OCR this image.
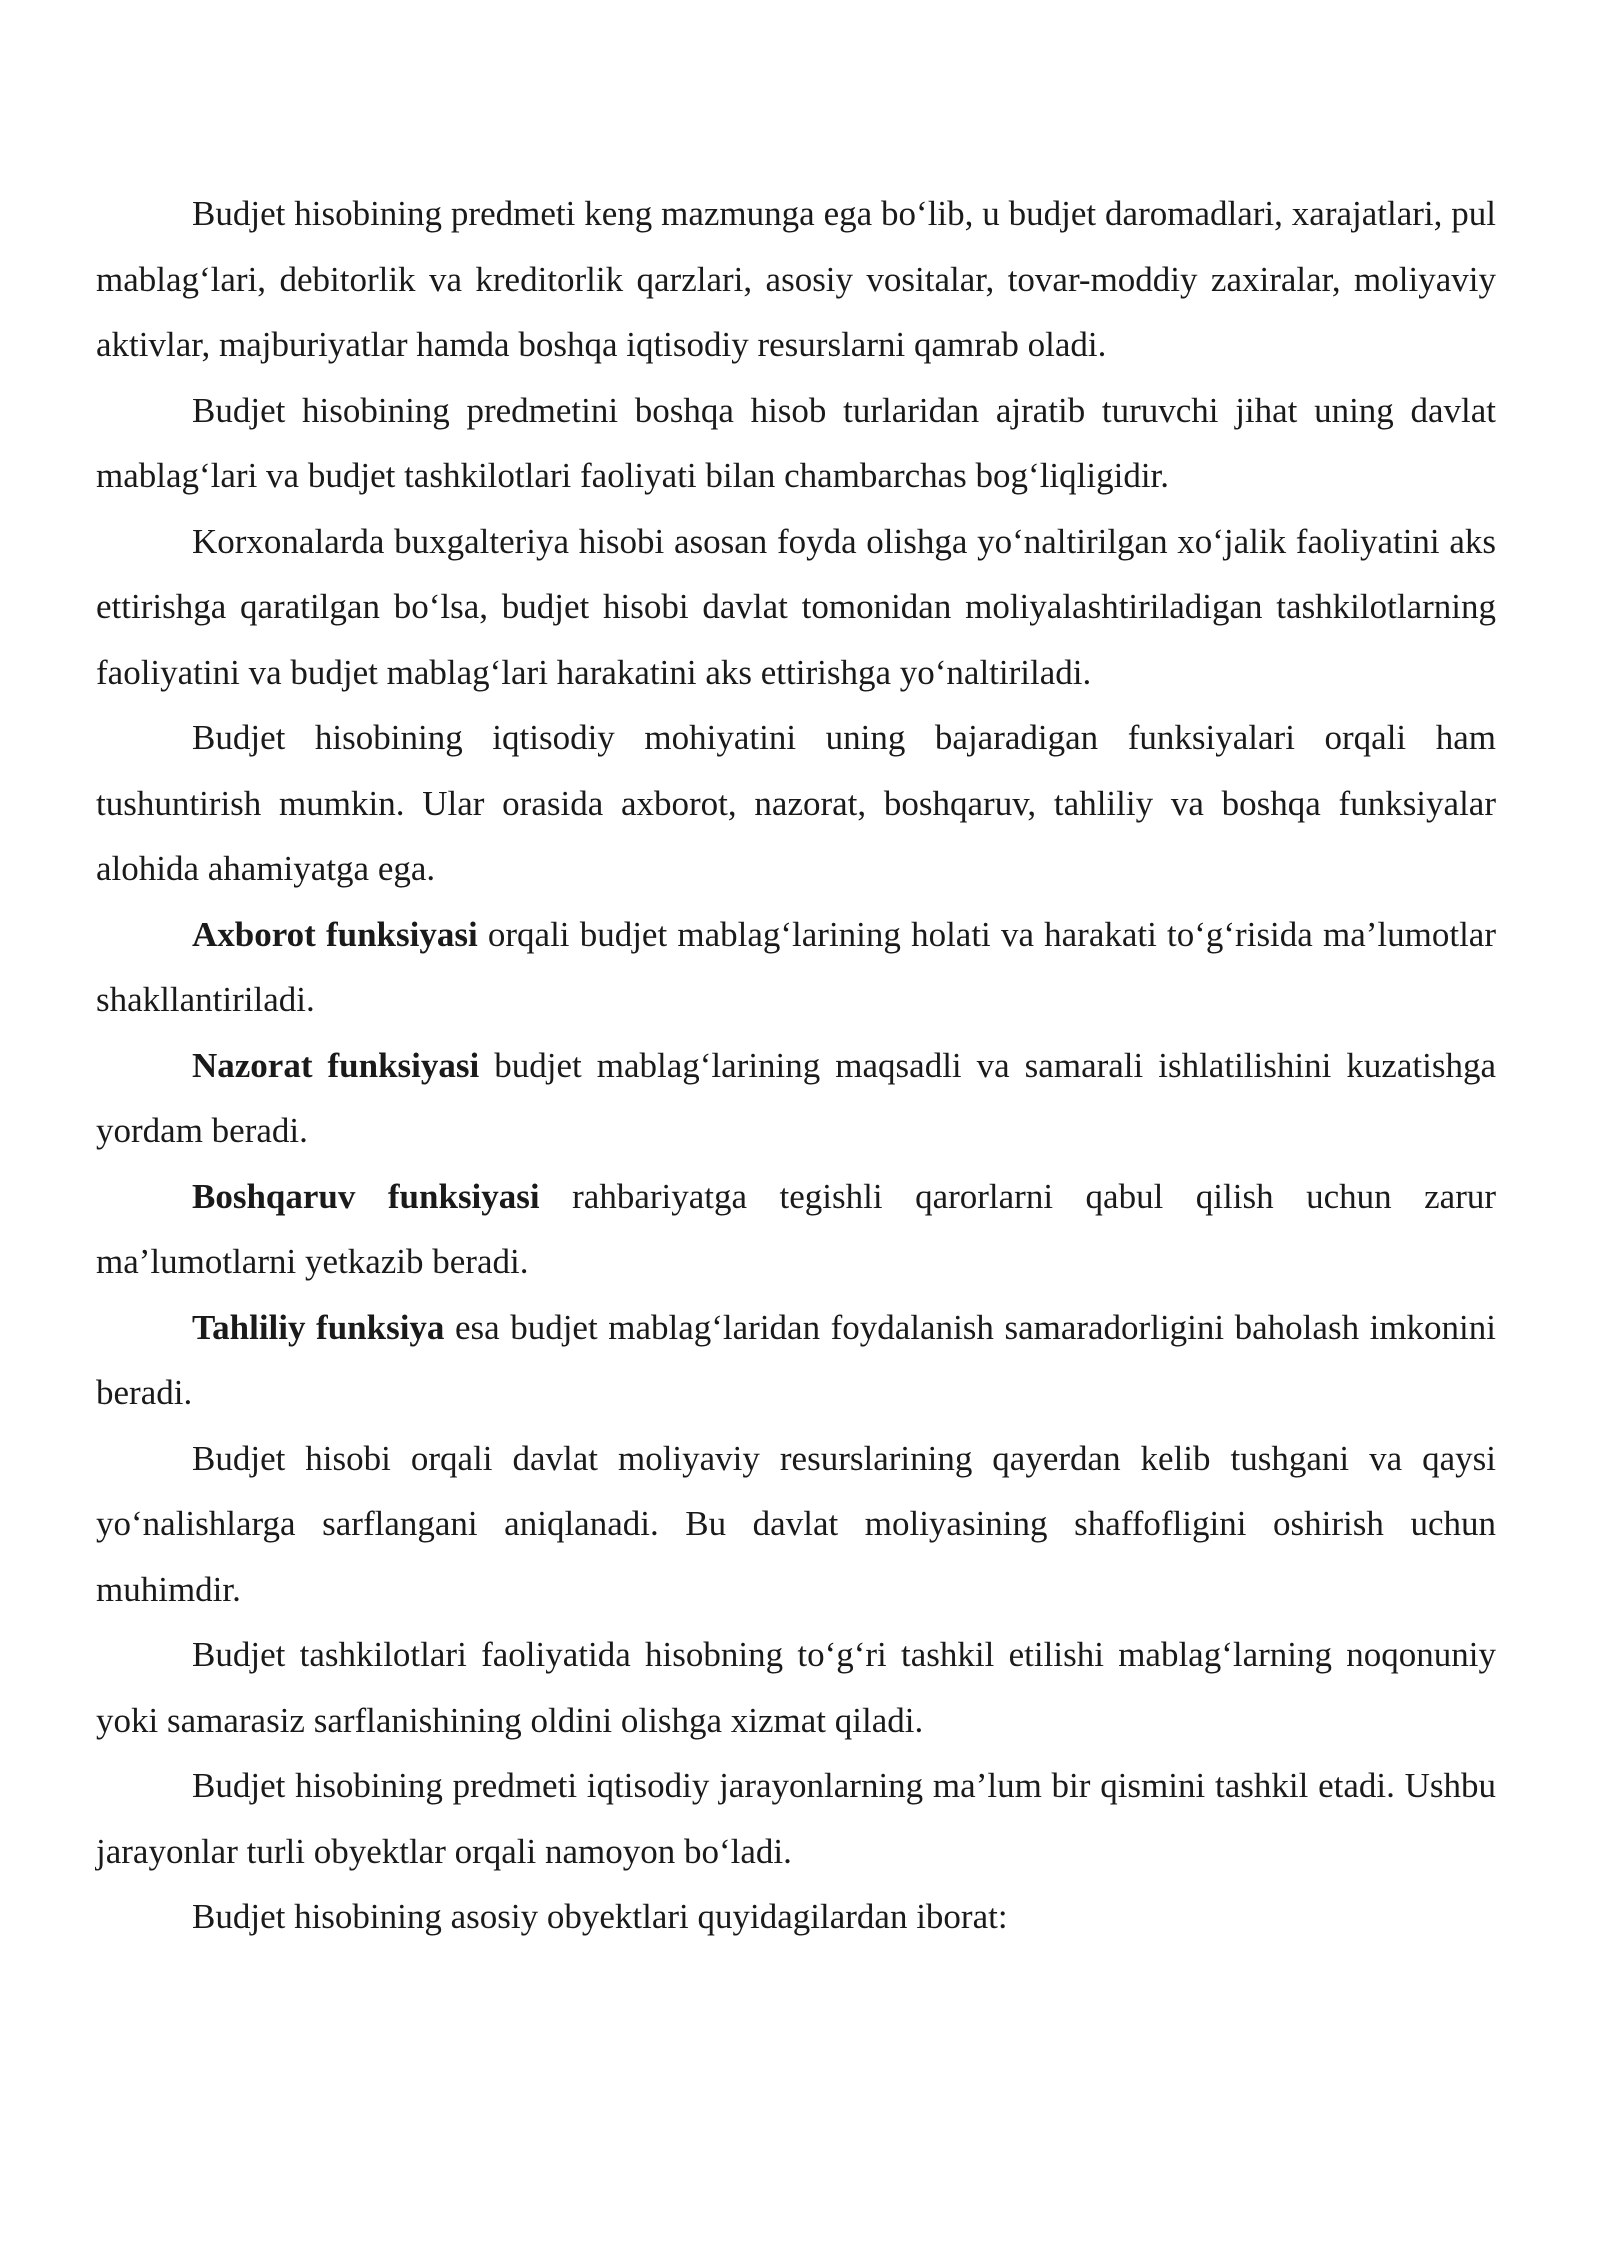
Budjet hisobining predmeti keng mazmunga ega bo‘lib, u budjet daromadlari, xarajatlari, pul mablag‘lari, debitorlik va kreditorlik qarzlari, asosiy vositalar, tovar-moddiy zaxiralar, moliyaviy aktivlar, majburiyatlar hamda boshqa iqtisodiy resurslarni qamrab oladi.

Budjet hisobining predmetini boshqa hisob turlaridan ajratib turuvchi jihat uning davlat mablag‘lari va budjet tashkilotlari faoliyati bilan chambarchas bog‘liqligidir.

Korxonalarda buxgalteriya hisobi asosan foyda olishga yo‘naltirilgan xo‘jalik faoliyatini aks ettirishga qaratilgan bo‘lsa, budjet hisobi davlat tomonidan moliyalashtiriladigan tashkilotlarning faoliyatini va budjet mablag‘lari harakatini aks ettirishga yo‘naltiriladi.

Budjet hisobining iqtisodiy mohiyatini uning bajaradigan funksiyalari orqali ham tushuntirish mumkin. Ular orasida axborot, nazorat, boshqaruv, tahliliy va boshqa funksiyalar alohida ahamiyatga ega.

Axborot funksiyasi orqali budjet mablag‘larining holati va harakati to‘g‘risida ma’lumotlar shakllantiriladi.

Nazorat funksiyasi budjet mablag‘larining maqsadli va samarali ishlatilishini kuzatishga yordam beradi.

Boshqaruv funksiyasi rahbariyatga tegishli qarorlarni qabul qilish uchun zarur ma’lumotlarni yetkazib beradi.

Tahliliy funksiya esa budjet mablag‘laridan foydalanish samaradorligini baholash imkonini beradi.

Budjet hisobi orqali davlat moliyaviy resurslarining qayerdan kelib tushgani va qaysi yo‘nalishlarga sarflangani aniqlanadi. Bu davlat moliyasining shaffofligini oshirish uchun muhimdir.

Budjet tashkilotlari faoliyatida hisobning to‘g‘ri tashkil etilishi mablag‘larning noqonuniy yoki samarasiz sarflanishining oldini olishga xizmat qiladi.

Budjet hisobining predmeti iqtisodiy jarayonlarning ma’lum bir qismini tashkil etadi. Ushbu jarayonlar turli obyektlar orqali namoyon bo‘ladi.

Budjet hisobining asosiy obyektlari quyidagilardan iborat:
